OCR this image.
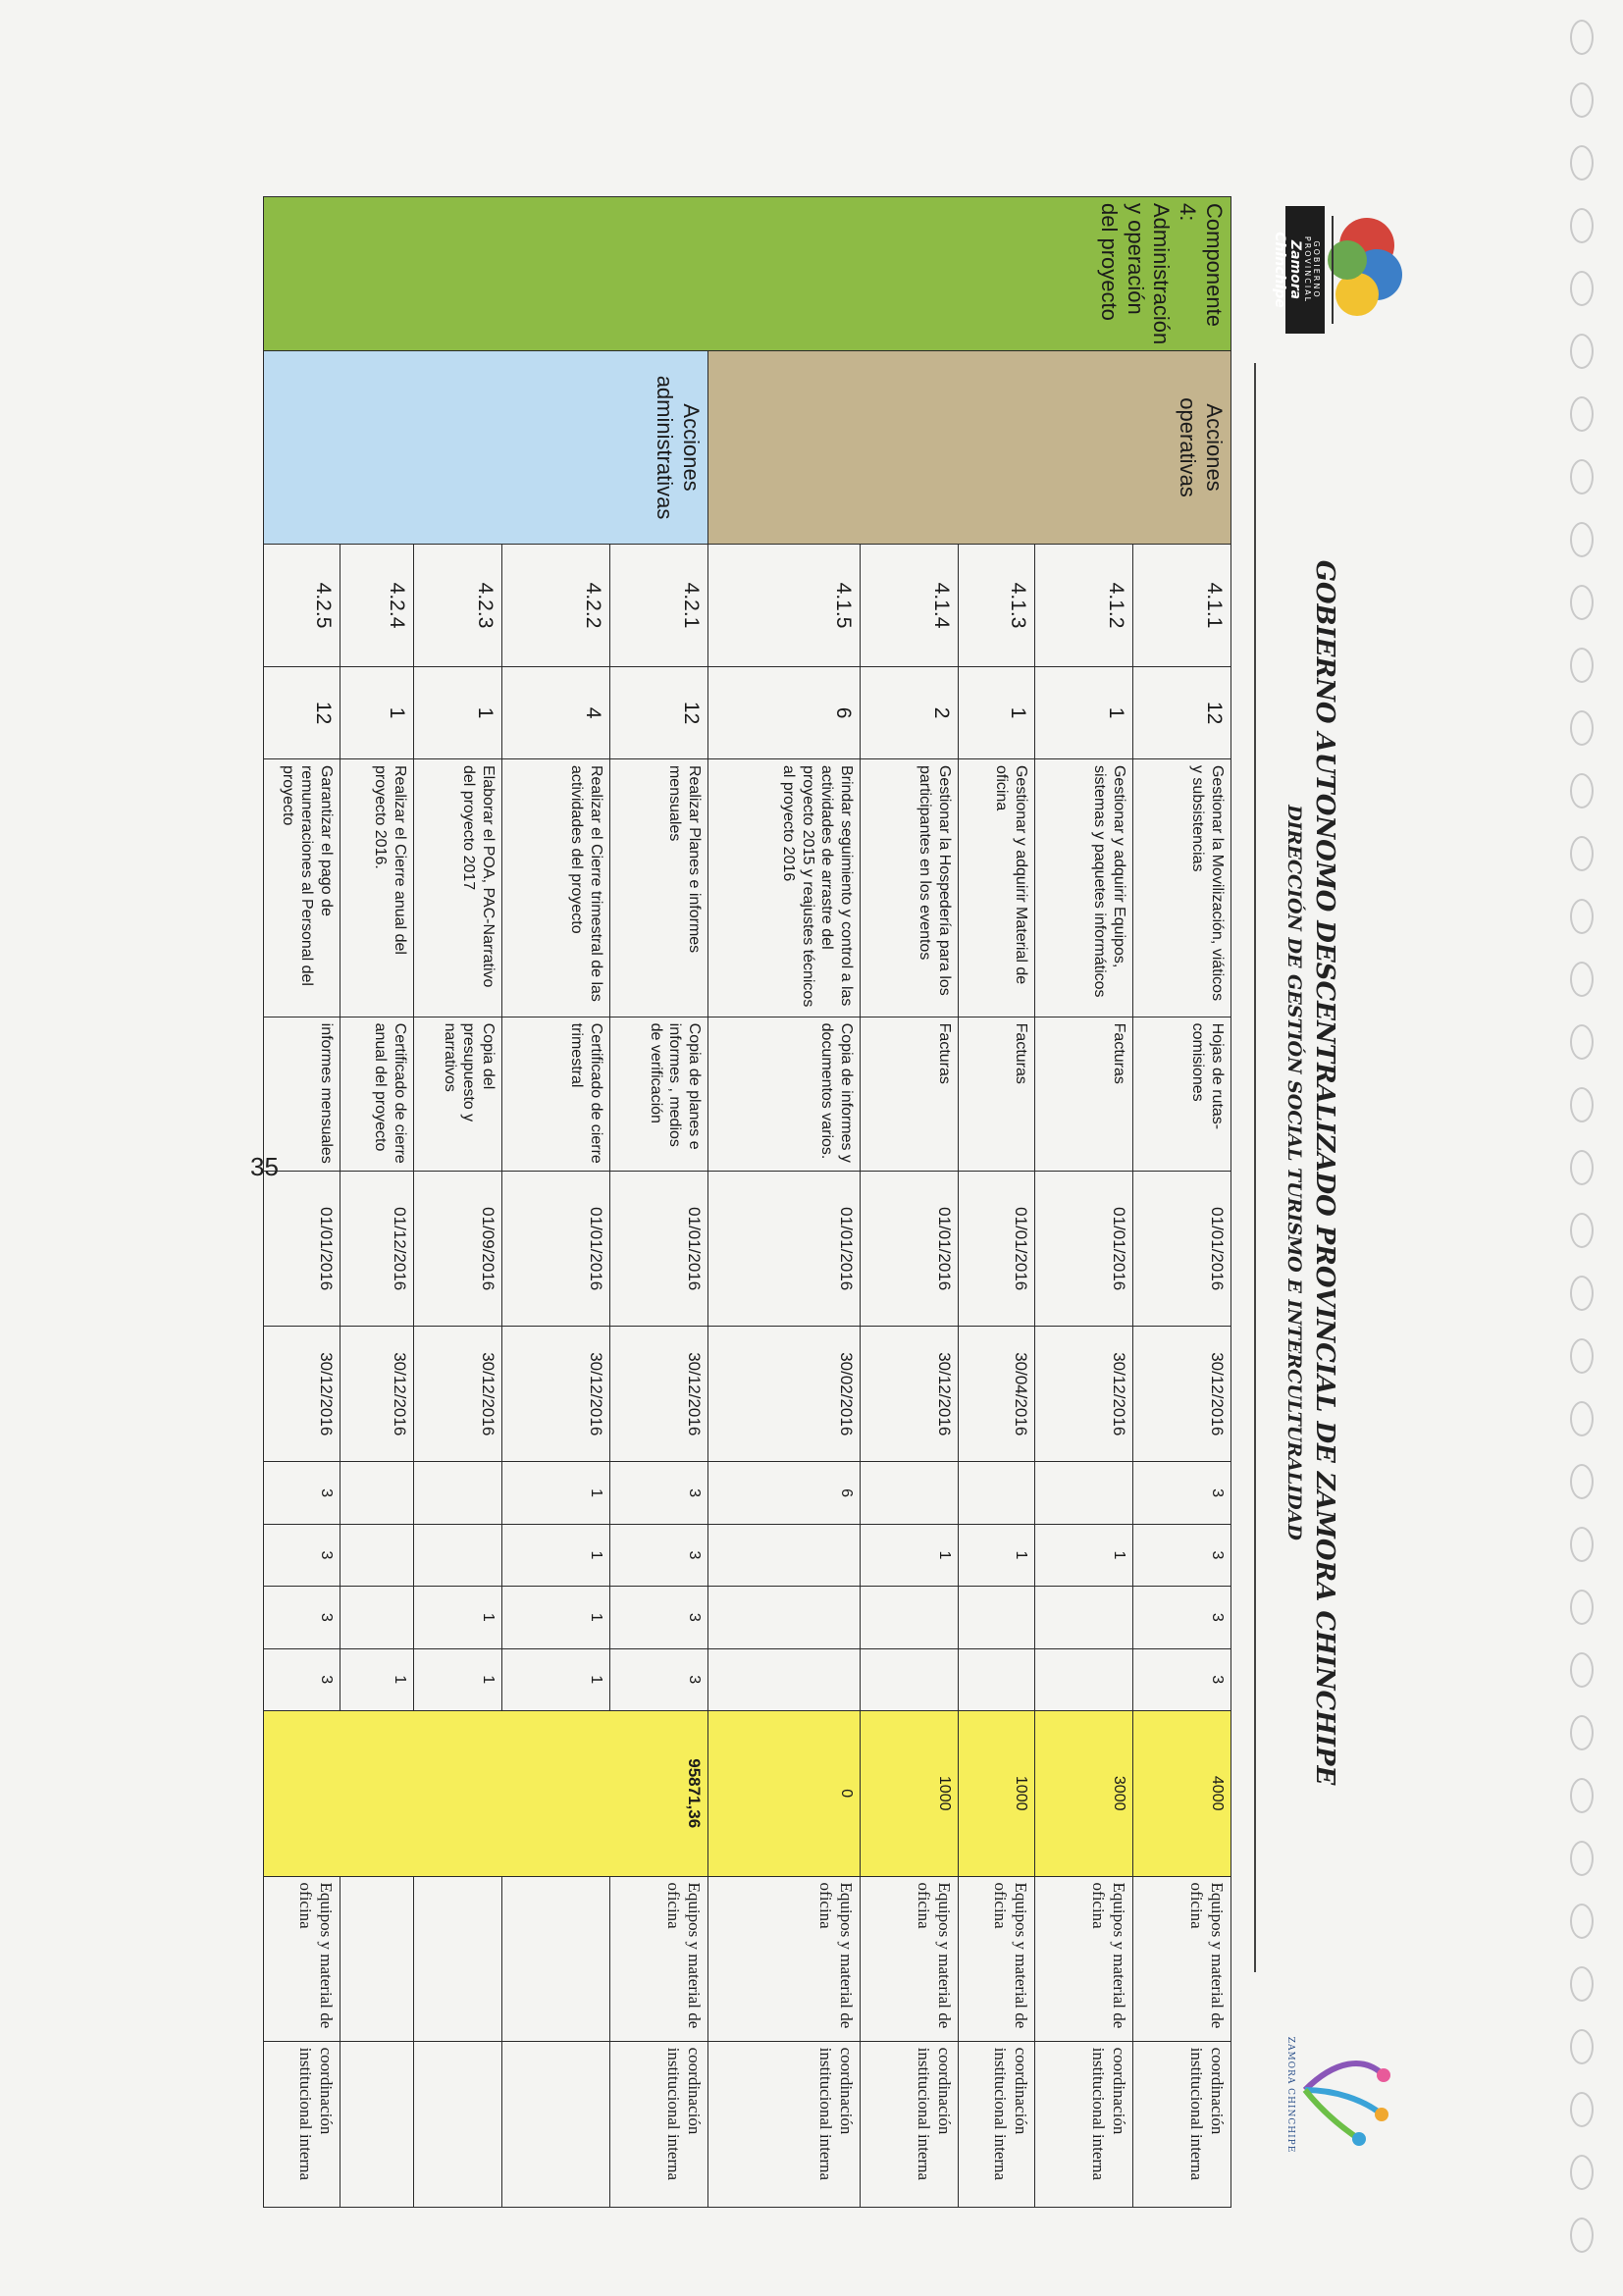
GOBIERNO PROVINCIAL
Zamora Chinchipe
GOBIERNO AUTONOMO DESCENTRALIZADO PROVINCIAL DE ZAMORA CHINCHIPE
DIRECCIÓN DE GESTIÓN SOCIAL TURISMO E INTERCULTURALIDAD
ZAMORA CHINCHIPE
Componente 4: Administración y operación del proyecto	Acciones operativas	4.1.1	12	Gestionar la Movilización, viáticos y subsistencias	Hojas de rutas-comisiones	01/01/2016	30/12/2016	3	3	3	3	4000	Equipos y material de oficina	coordinación institucional interna
		4.1.2	1	Gestionar y adquirir Equipos, sistemas y paquetes informáticos	Facturas	01/01/2016	30/12/2016		1			3000	Equipos y material de oficina	coordinación institucional interna
		4.1.3	1	Gestionar y adquirir Material de oficina	Facturas	01/01/2016	30/04/2016		1			1000	Equipos y material de oficina	coordinación institucional interna
		4.1.4	2	Gestionar la Hospedería para los participantes en los eventos	Facturas	01/01/2016	30/12/2016		1			1000	Equipos y material de oficina	coordinación institucional interna
		4.1.5	6	Brindar seguimiento y control a las actividades de arrastre del proyecto 2015 y reajustes técnicos al proyecto 2016	Copia de informes y documentos varios.	01/01/2016	30/02/2016	6				0	Equipos y material de oficina	coordinación institucional interna
	Acciones administrativas	4.2.1	12	Realizar Planes e informes mensuales	Copia de planes e informes , medios de verificación	01/01/2016	30/12/2016	3	3	3	3	95871,36	Equipos y material de oficina	coordinación institucional interna
		4.2.2	4	Realizar el Cierre trimestral de las actividades del proyecto	Certificado de cierre trimestral	01/01/2016	30/12/2016	1	1	1	1			
		4.2.3	1	Elaborar el POA, PAC-Narrativo del proyecto 2017	Copia del presupuesto y narrativos	01/09/2016	30/12/2016			1	1			
		4.2.4	1	Realizar el Cierre anual del proyecto 2016.	Certificado de cierre anual del proyecto	01/12/2016	30/12/2016				1			
		4.2.5	12	Garantizar el pago de remuneraciones al Personal del proyecto	informes mensuales	01/01/2016	30/12/2016	3	3	3	3		Equipos y material de oficina	coordinación institucional interna
35
